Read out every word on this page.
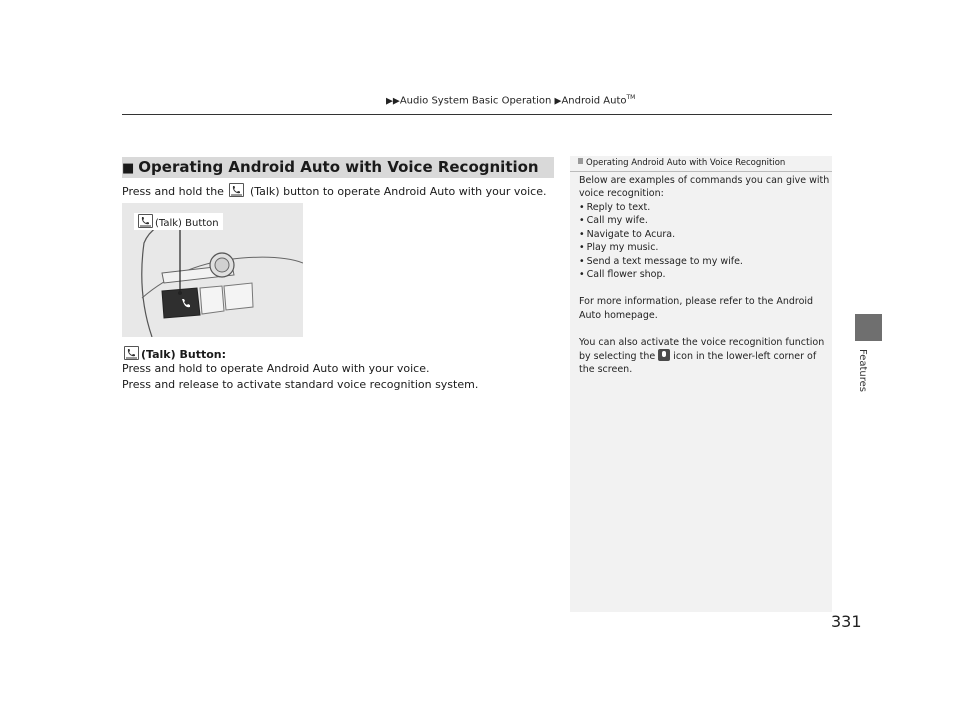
▶▶Audio System Basic Operation ▶Android Auto™
Features
■ Operating Android Auto with Voice Recognition
Press and hold the (Talk) button to operate Android Auto with your voice.
(Talk) Button
(Talk) Button:
Press and hold to operate Android Auto with your voice.
Press and release to activate standard voice recognition system.
Operating Android Auto with Voice Recognition
Below are examples of commands you can give with
voice recognition:
• Reply to text.
• Call my wife.
• Navigate to Acura.
• Play my music.
• Send a text message to my wife.
• Call flower shop.
For more information, please refer to the Android
Auto homepage.
You can also activate the voice recognition function
by selecting the icon in the lower-left corner of
the screen.
331
